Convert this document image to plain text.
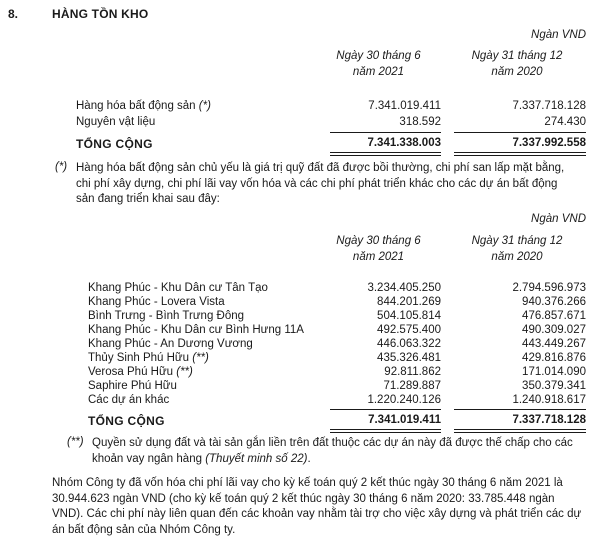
8.	HÀNG TỒN KHO
Ngàn VND
Ngày 30 tháng 6
năm 2021
Ngày 31 tháng 12
năm 2020
Hàng hóa bất động sản (*)	7.341.019.411	7.337.718.128
Nguyên vật liệu	318.592	274.430
TỔNG CỘNG	7.341.338.003	7.337.992.558
(*) Hàng hóa bất động sản chủ yếu là giá trị quỹ đất đã được bồi thường, chi phí san lấp mặt bằng, chi phí xây dựng, chi phí lãi vay vốn hóa và các chi phí phát triển khác cho các dự án bất động sản đang triển khai sau đây:
Ngàn VND
Ngày 30 tháng 6
năm 2021
Ngày 31 tháng 12
năm 2020
Khang Phúc - Khu Dân cư Tân Tạo	3.234.405.250	2.794.596.973
Khang Phúc - Lovera Vista	844.201.269	940.376.266
Bình Trưng - Bình Trưng Đông	504.105.814	476.857.671
Khang Phúc - Khu Dân cư Bình Hưng 11A	492.575.400	490.309.027
Khang Phúc - An Dương Vương	446.063.322	443.449.267
Thủy Sinh Phú Hữu (**)	435.326.481	429.816.876
Verosa Phú Hữu (**)	92.811.862	171.014.090
Saphire Phú Hữu	71.289.887	350.379.341
Các dự án khác	1.220.240.126	1.240.918.617
TỔNG CỘNG	7.341.019.411	7.337.718.128
(**) Quyền sử dụng đất và tài sản gắn liền trên đất thuộc các dự án này đã được thế chấp cho các khoản vay ngân hàng (Thuyết minh số 22).
Nhóm Công ty đã vốn hóa chi phí lãi vay cho kỳ kế toán quý 2 kết thúc ngày 30 tháng 6 năm 2021 là 30.944.623 ngàn VND (cho kỳ kế toán quý 2 kết thúc ngày 30 tháng 6 năm 2020: 33.785.448 ngàn VND). Các chi phí này liên quan đến các khoản vay nhằm tài trợ cho việc xây dựng và phát triển các dự án bất động sản của Nhóm Công ty.
